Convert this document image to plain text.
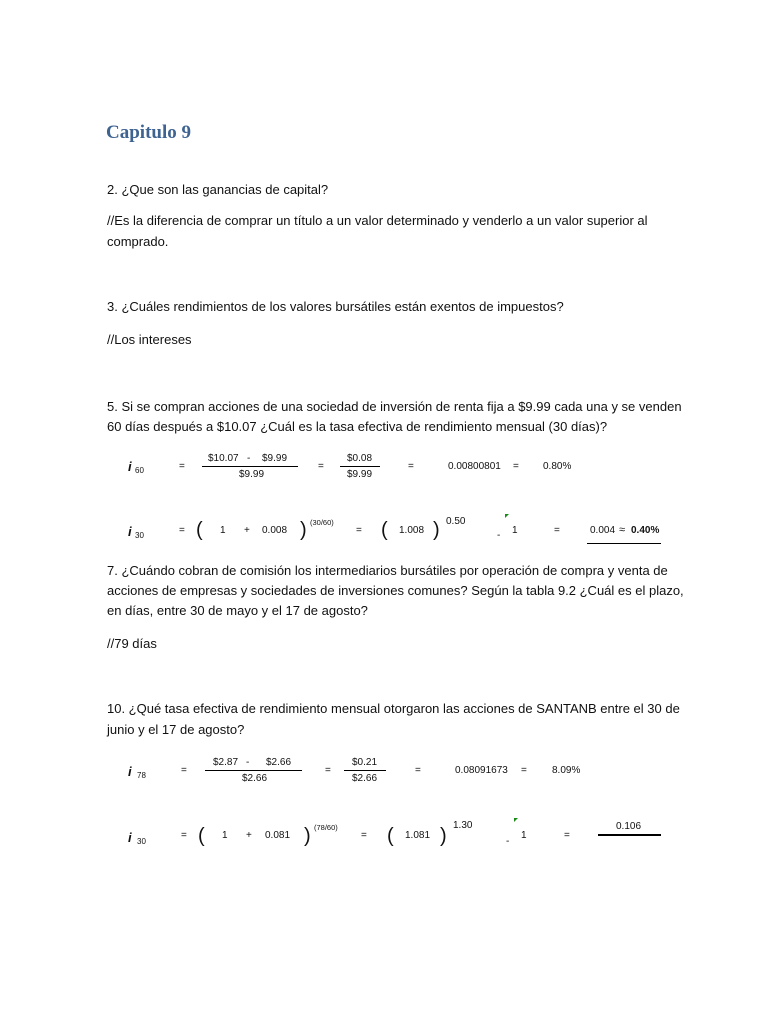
Capitulo 9
2. ¿Que son las ganancias de capital?
//Es la diferencia de comprar un título a un valor determinado y venderlo a un valor superior al
comprado.
3. ¿Cuáles rendimientos de los valores bursátiles están exentos de impuestos?
//Los intereses
5. Si se compran acciones de una sociedad de inversión de renta fija a $9.99 cada una y se venden
60 días después a $10.07 ¿Cuál es la tasa efectiva de rendimiento mensual (30 días)?
i 60	=
$10.07 - $9.99
$9.99
=
$0.08
$9.99
=	0.00800801 = 0.80%
i 30	= ( 1 + 0.008 ) (30/60)
= ( 1.008 ) 0.50
- 1	=	0.004 ≈ 0.40%
7. ¿Cuándo cobran de comisión los intermediarios bursátiles por operación de compra y venta de
acciones de empresas y sociedades de inversiones comunes? Según la tabla 9.2 ¿Cuál es el plazo,
en días, entre 30 de mayo y el 17 de agosto?
//79 días
10. ¿Qué tasa efectiva de rendimiento mensual otorgaron las acciones de SANTANB entre el 30 de
junio y el 17 de agosto?
i 78	=
$2.87 - $2.66
$2.66
=
$0.21
$2.66
=	0.08091673 =	8.09%
i 30
= ( 1 + 0.081 ) (78/60)
= ( 1.081 ) 1.30
-
1	=
0.106
